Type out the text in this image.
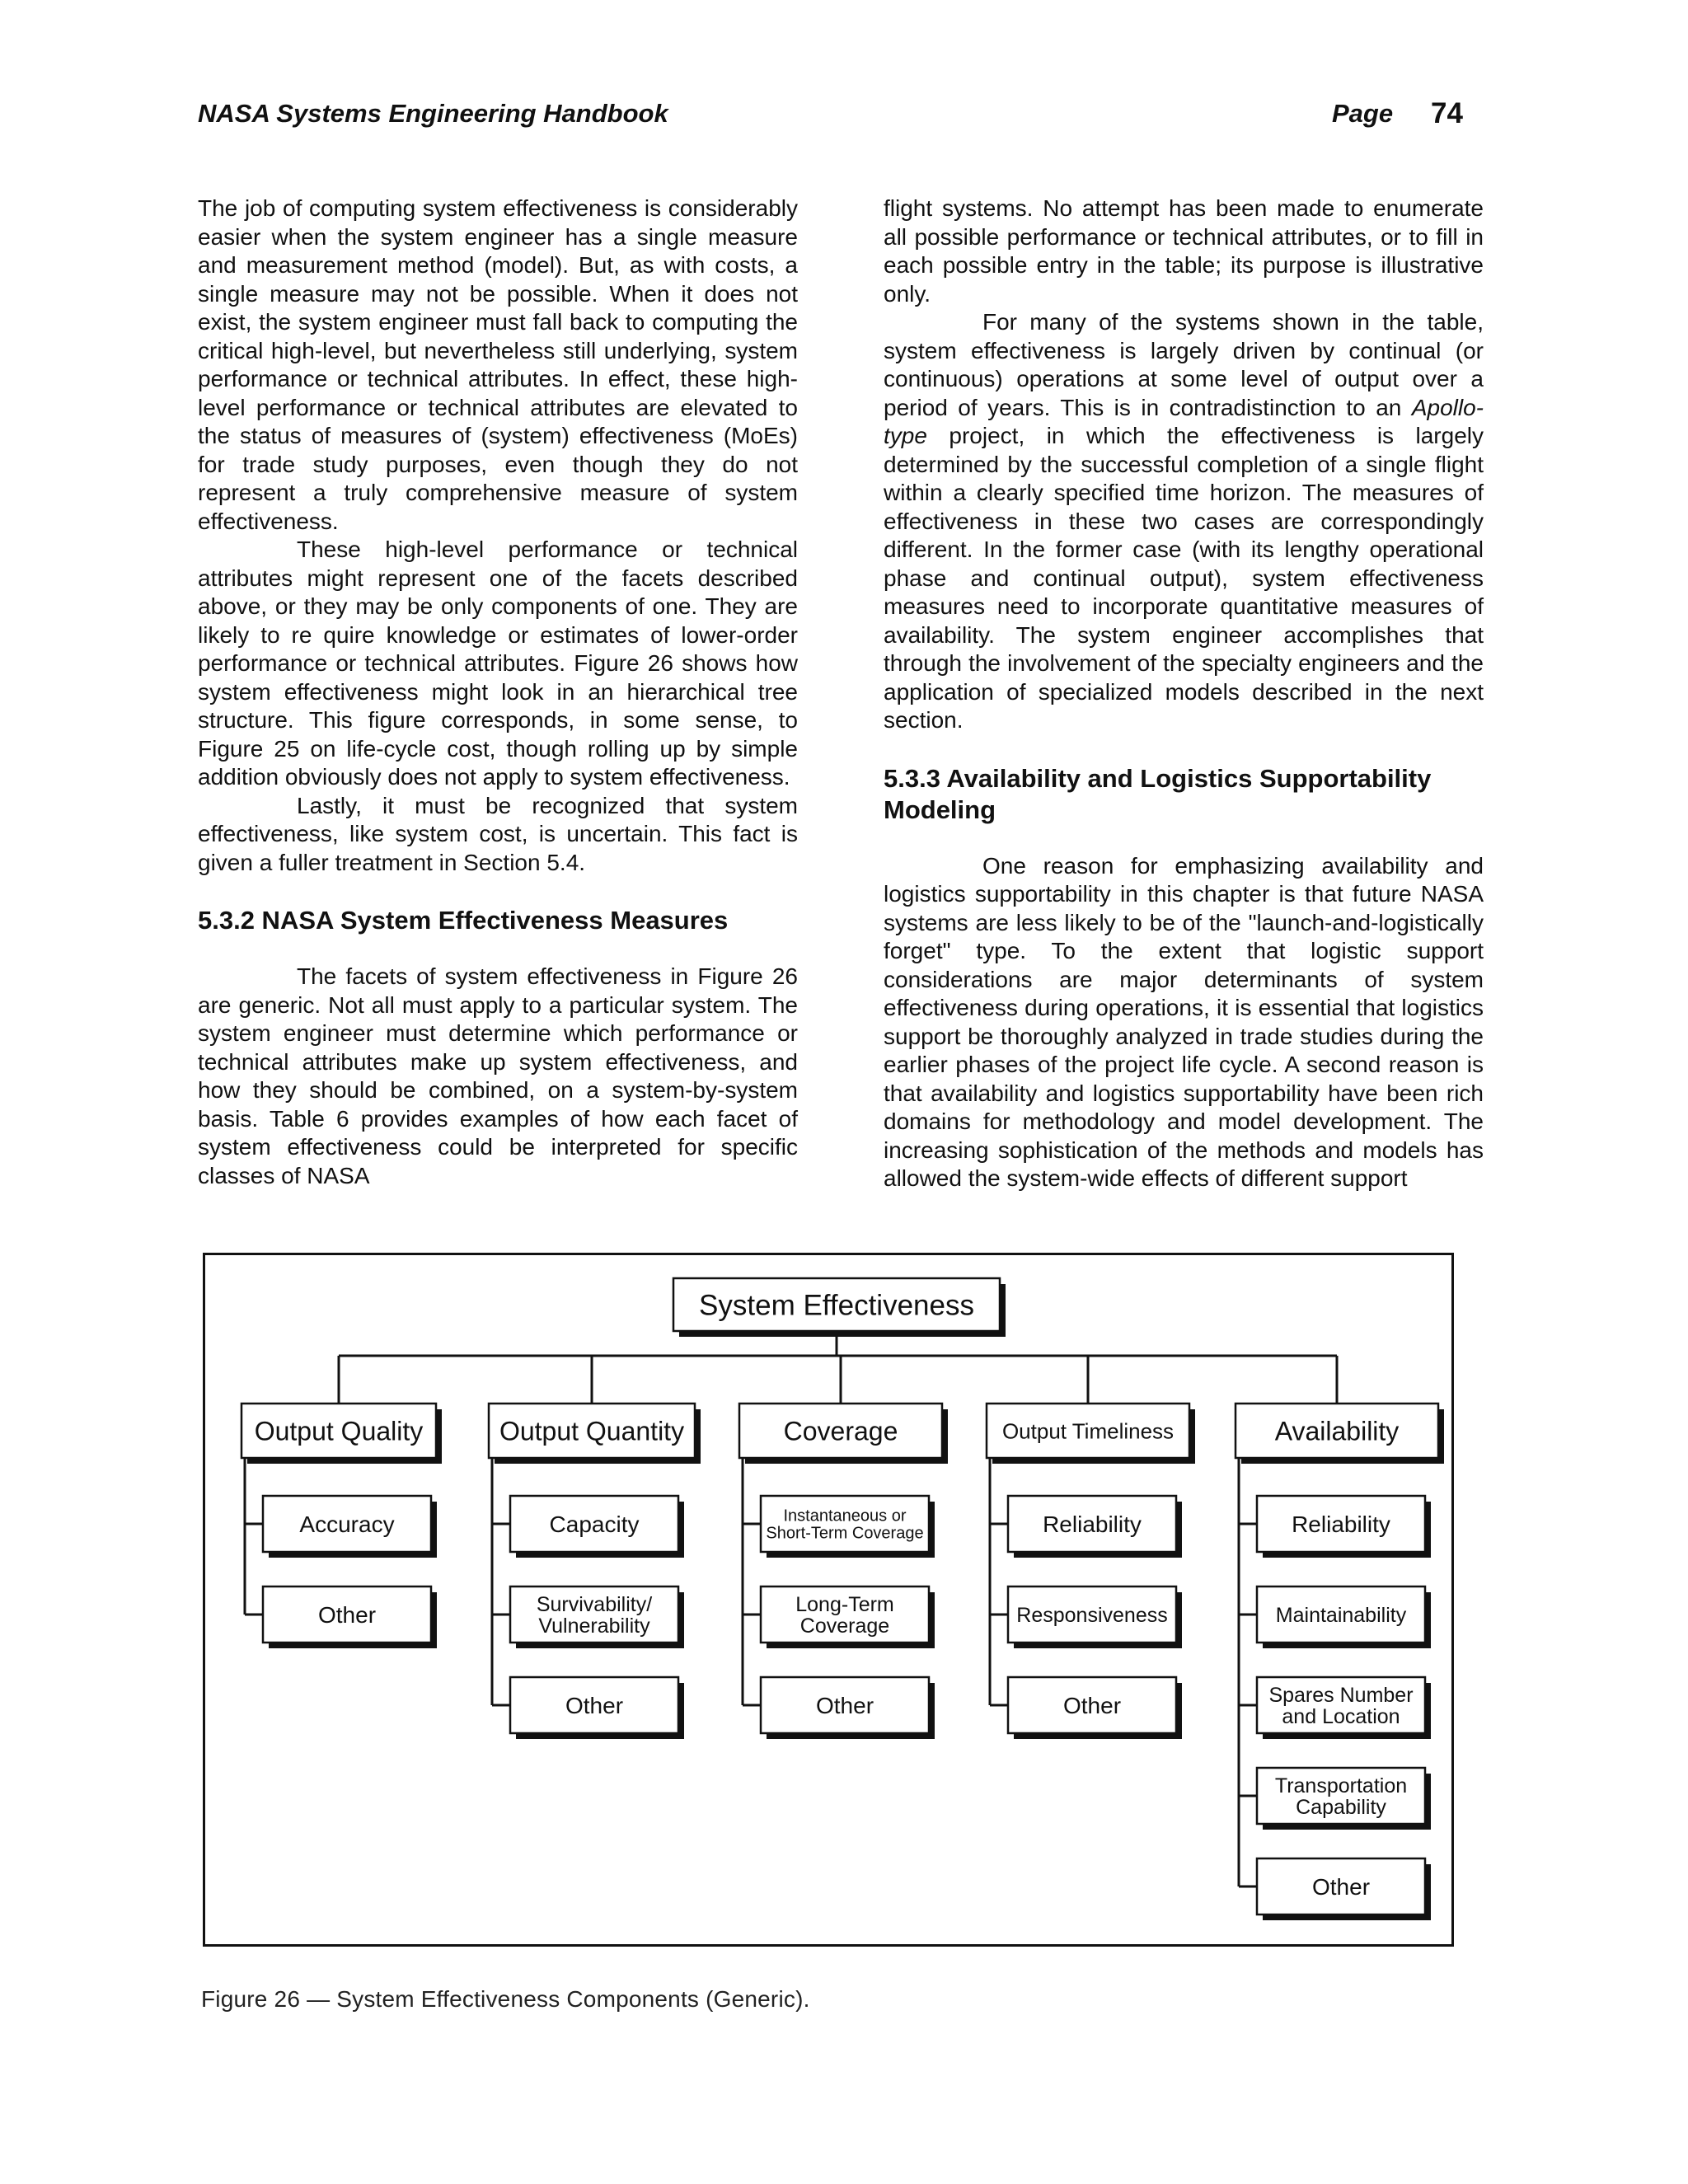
NASA Systems Engineering Handbook	Page 74

The job of computing system effectiveness is considerably easier when the system engineer has a single measure and measurement method (model). But, as with costs, a single measure may not be possible. When it does not exist, the system engineer must fall back to computing the critical high-level, but nevertheless still underlying, system performance or technical attributes. In effect, these high-level performance or technical attributes are elevated to the status of measures of (system) effectiveness (MoEs) for trade study purposes, even though they do not represent a truly comprehensive measure of system effectiveness.

These high-level performance or technical attributes might represent one of the facets described above, or they may be only components of one. They are likely to re quire knowledge or estimates of lower-order performance or technical attributes. Figure 26 shows how system effectiveness might look in an hierarchical tree structure. This figure corresponds, in some sense, to Figure 25 on life-cycle cost, though rolling up by simple addition obviously does not apply to system effectiveness.

Lastly, it must be recognized that system effectiveness, like system cost, is uncertain. This fact is given a fuller treatment in Section 5.4.

5.3.2 NASA System Effectiveness Measures

The facets of system effectiveness in Figure 26 are generic. Not all must apply to a particular system. The system engineer must determine which performance or technical attributes make up system effectiveness, and how they should be combined, on a system-by-system basis. Table 6 provides examples of how each facet of system effectiveness could be interpreted for specific classes of NASA

flight systems. No attempt has been made to enumerate all possible performance or technical attributes, or to fill in each possible entry in the table; its purpose is illustrative only.

For many of the systems shown in the table, system effectiveness is largely driven by continual (or continuous) operations at some level of output over a period of years. This is in contradistinction to an Apollo-type project, in which the effectiveness is largely determined by the successful completion of a single flight within a clearly specified time horizon. The measures of effectiveness in these two cases are correspondingly different. In the former case (with its lengthy operational phase and continual output), system effectiveness measures need to incorporate quantitative measures of availability. The system engineer accomplishes that through the involvement of the specialty engineers and the application of specialized models described in the next section.

5.3.3 Availability and Logistics Supportability Modeling

One reason for emphasizing availability and logistics supportability in this chapter is that future NASA systems are less likely to be of the "launch-and-logistically forget" type. To the extent that logistic support considerations are major determinants of system effectiveness during operations, it is essential that logistics support be thoroughly analyzed in trade studies during the earlier phases of the project life cycle. A second reason is that availability and logistics supportability have been rich domains for methodology and model development. The increasing sophistication of the methods and models has allowed the system-wide effects of different support

System Effectiveness
Output Quality
Accuracy
Other
Output Quantity
Capacity
Survivability/
Vulnerability
Other
Coverage
Instantaneous or
Short-Term Coverage
Long-Term
Coverage
Other
Output Timeliness
Reliability
Responsiveness
Other
Availability
Reliability
Maintainability
Spares Number
and Location
Transportation
Capability
Other
Figure 26 — System Effectiveness Components (Generic).
